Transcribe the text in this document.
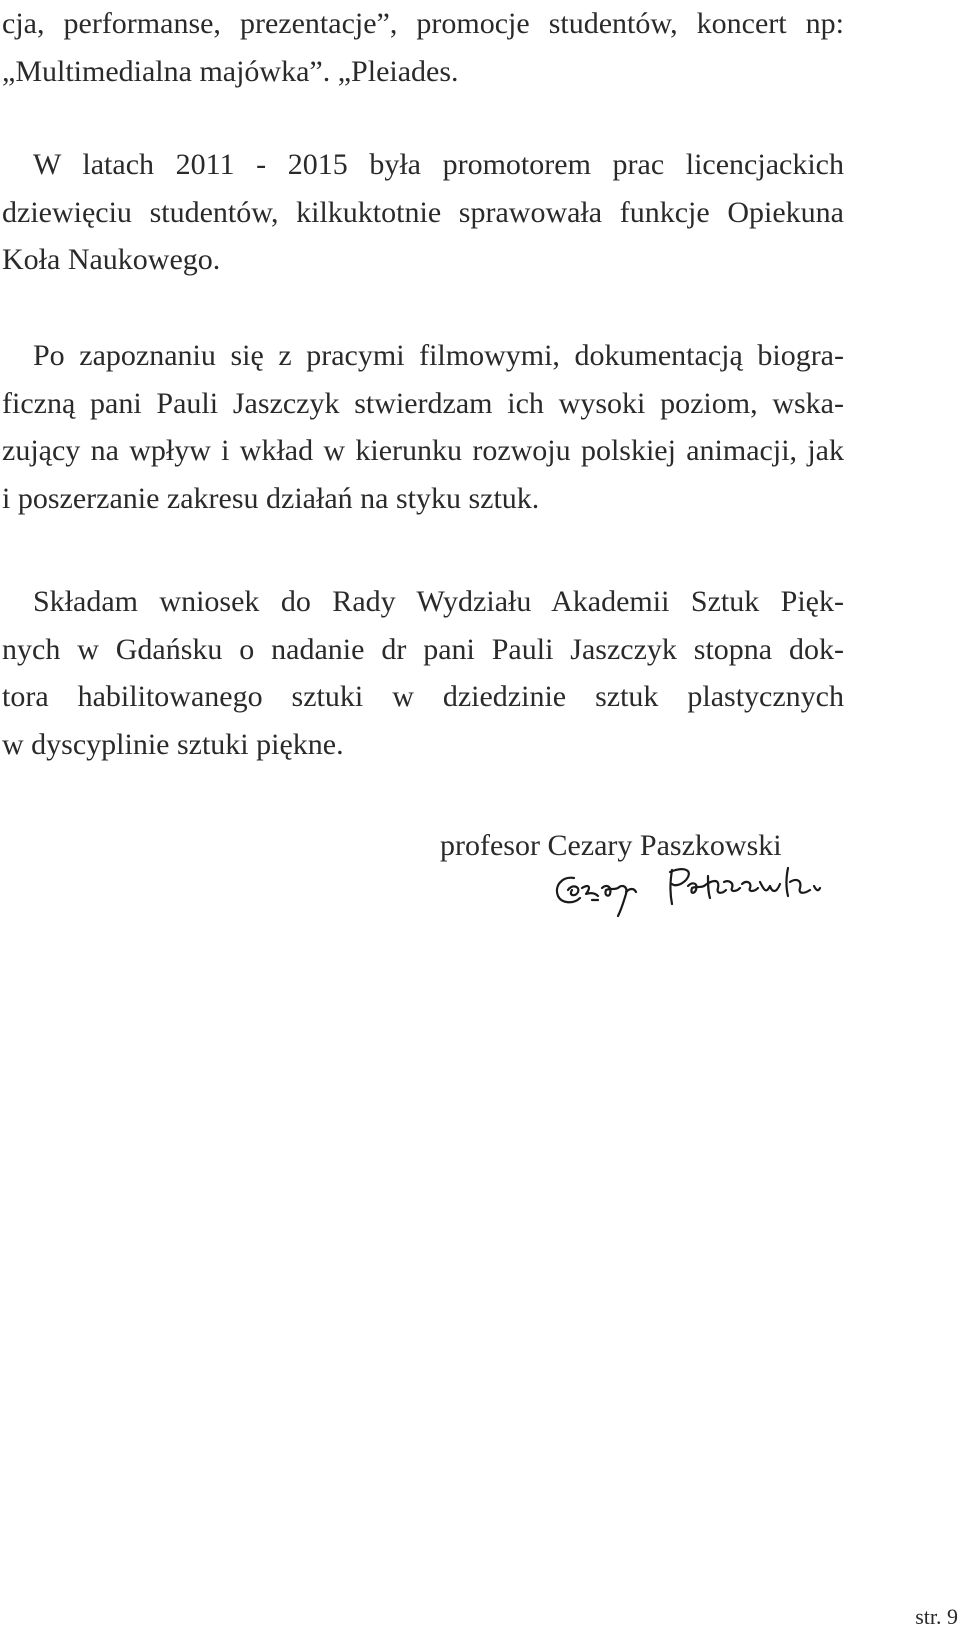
cja, performanse, prezentacje”, promocje studentów, koncert np:
„Multimedialna majówka”. „Pleiades.

W latach 2011 - 2015 była promotorem prac licencjackich
dziewięciu studentów, kilkuktotnie sprawowała funkcje Opiekuna
Koła Naukowego.

Po zapoznaniu się z pracymi filmowymi, dokumentacją biogra-
ficzną pani Pauli Jaszczyk stwierdzam ich wysoki poziom, wska-
zujący na wpływ i wkład w kierunku rozwoju polskiej animacji, jak
i poszerzanie zakresu działań na styku sztuk.

Składam wniosek do Rady Wydziału Akademii Sztuk Pięk-
nych w Gdańsku o nadanie dr pani Pauli Jaszczyk stopna dok-
tora habilitowanego sztuki w dziedzinie sztuk plastycznych
w dyscyplinie sztuki piękne.

profesor Cezary Paszkowski
str. 9
